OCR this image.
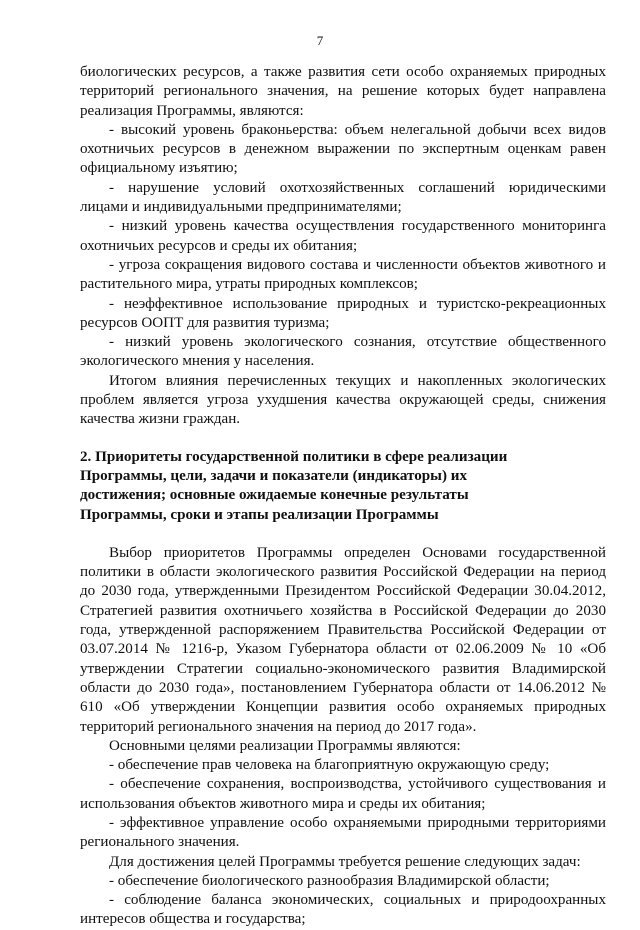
7

биологических ресурсов, а также развития сети особо охраняемых природных территорий регионального значения, на решение которых будет направлена реализация Программы, являются:

- высокий уровень браконьерства: объем нелегальной добычи всех видов охотничьих ресурсов в денежном выражении по экспертным оценкам равен официальному изъятию;

- нарушение условий охотхозяйственных соглашений юридическими лицами и индивидуальными предпринимателями;

- низкий уровень качества осуществления государственного мониторинга охотничьих ресурсов и среды их обитания;

- угроза сокращения видового состава и численности объектов животного и растительного мира, утраты природных комплексов;

- неэффективное использование природных и туристско-рекреационных ресурсов ООПТ для развития туризма;

- низкий уровень экологического сознания, отсутствие общественного экологического мнения у населения.

Итогом влияния перечисленных текущих и накопленных экологических проблем является угроза ухудшения качества окружающей среды, снижения качества жизни граждан.

2. Приоритеты государственной политики в сфере реализации

Программы, цели, задачи и показатели (индикаторы) их

достижения; основные ожидаемые конечные результаты

Программы, сроки и этапы реализации Программы

Выбор приоритетов Программы определен Основами государственной политики в области экологического развития Российской Федерации на период до 2030 года, утвержденными Президентом Российской Федерации 30.04.2012, Стратегией развития охотничьего хозяйства в Российской Федерации до 2030 года, утвержденной распоряжением Правительства Российской Федерации от 03.07.2014 № 1216-р, Указом Губернатора области от 02.06.2009 № 10 «Об утверждении Стратегии социально-экономического развития Владимирской области до 2030 года», постановлением Губернатора области от 14.06.2012 № 610 «Об утверждении Концепции развития особо охраняемых природных территорий регионального значения на период до 2017 года».

Основными целями реализации Программы являются:

- обеспечение прав человека на благоприятную окружающую среду;

- обеспечение сохранения, воспроизводства, устойчивого существования и использования объектов животного мира и среды их обитания;

- эффективное управление особо охраняемыми природными территориями регионального значения.

Для достижения целей Программы требуется решение следующих задач:

- обеспечение биологического разнообразия Владимирской области;

- соблюдение баланса экономических, социальных и природоохранных интересов общества и государства;
